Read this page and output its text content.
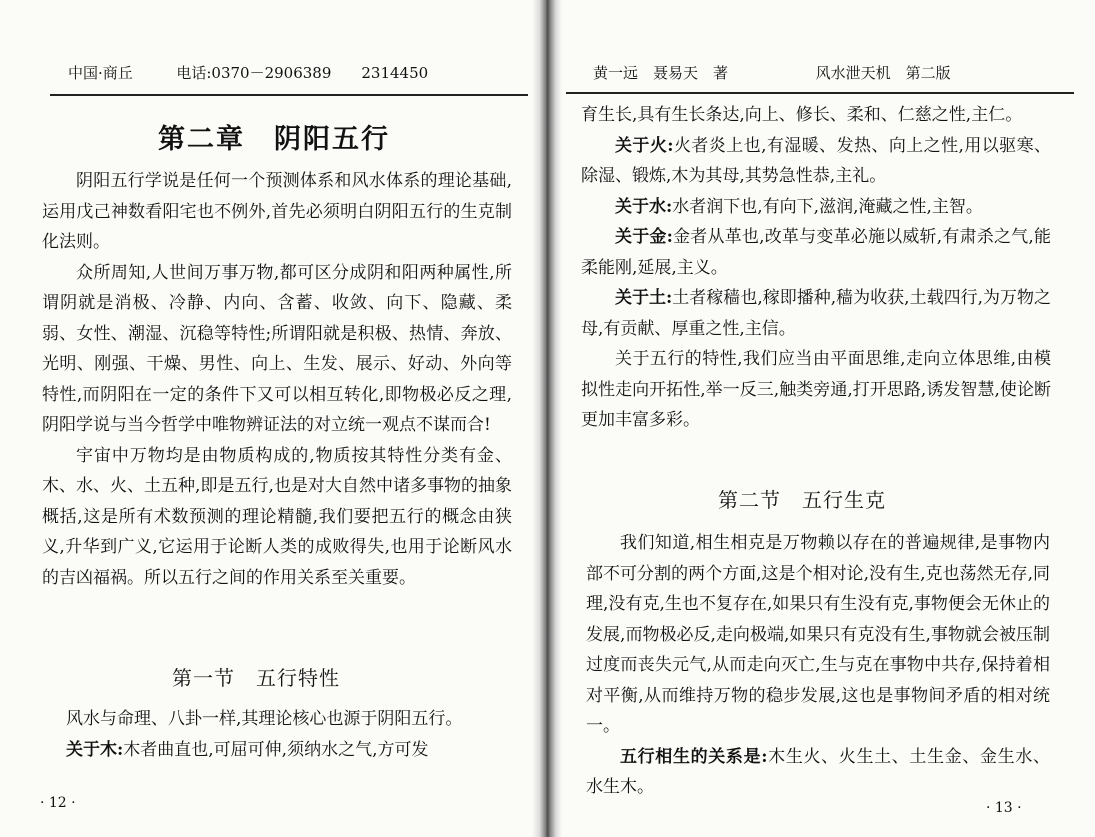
中国·商丘	电话:0370－2906389　　2314450
第二章　阴阳五行

阴阳五行学说是任何一个预测体系和风水体系的理论基础,运用戊己神数看阳宅也不例外,首先必须明白阴阳五行的生克制化法则。

众所周知,人世间万事万物,都可区分成阴和阳两种属性,所谓阴就是消极、冷静、内向、含蓄、收敛、向下、隐藏、柔弱、女性、潮湿、沉稳等特性;所谓阳就是积极、热情、奔放、光明、刚强、干燥、男性、向上、生发、展示、好动、外向等特性,而阴阳在一定的条件下又可以相互转化,即物极必反之理,阴阳学说与当今哲学中唯物辨证法的对立统一观点不谋而合!

宇宙中万物均是由物质构成的,物质按其特性分类有金、木、水、火、土五种,即是五行,也是对大自然中诸多事物的抽象概括,这是所有术数预测的理论精髓,我们要把五行的概念由狭义,升华到广义,它运用于论断人类的成败得失,也用于论断风水的吉凶福祸。所以五行之间的作用关系至关重要。

第一节　五行特性

风水与命理、八卦一样,其理论核心也源于阴阳五行。

关于木:木者曲直也,可屈可伸,须纳水之气,方可发

· 12 ·
黄一远　聂易天　著	风水泄天机　第二版

育生长,具有生长条达,向上、修长、柔和、仁慈之性,主仁。

关于火:火者炎上也,有湿暖、发热、向上之性,用以驱寒、除湿、锻炼,木为其母,其势急性恭,主礼。

关于水:水者润下也,有向下,滋润,淹藏之性,主智。

关于金:金者从革也,改革与变革必施以威斩,有肃杀之气,能柔能刚,延展,主义。

关于土:土者稼穑也,稼即播种,穑为收获,土载四行,为万物之母,有贡献、厚重之性,主信。

关于五行的特性,我们应当由平面思维,走向立体思维,由模拟性走向开拓性,举一反三,触类旁通,打开思路,诱发智慧,使论断更加丰富多彩。

第二节　五行生克

我们知道,相生相克是万物赖以存在的普遍规律,是事物内部不可分割的两个方面,这是个相对论,没有生,克也荡然无存,同理,没有克,生也不复存在,如果只有生没有克,事物便会无休止的发展,而物极必反,走向极端,如果只有克没有生,事物就会被压制过度而丧失元气,从而走向灭亡,生与克在事物中共存,保持着相对平衡,从而维持万物的稳步发展,这也是事物间矛盾的相对统一。

五行相生的关系是:木生火、火生土、土生金、金生水、水生木。

· 13 ·
